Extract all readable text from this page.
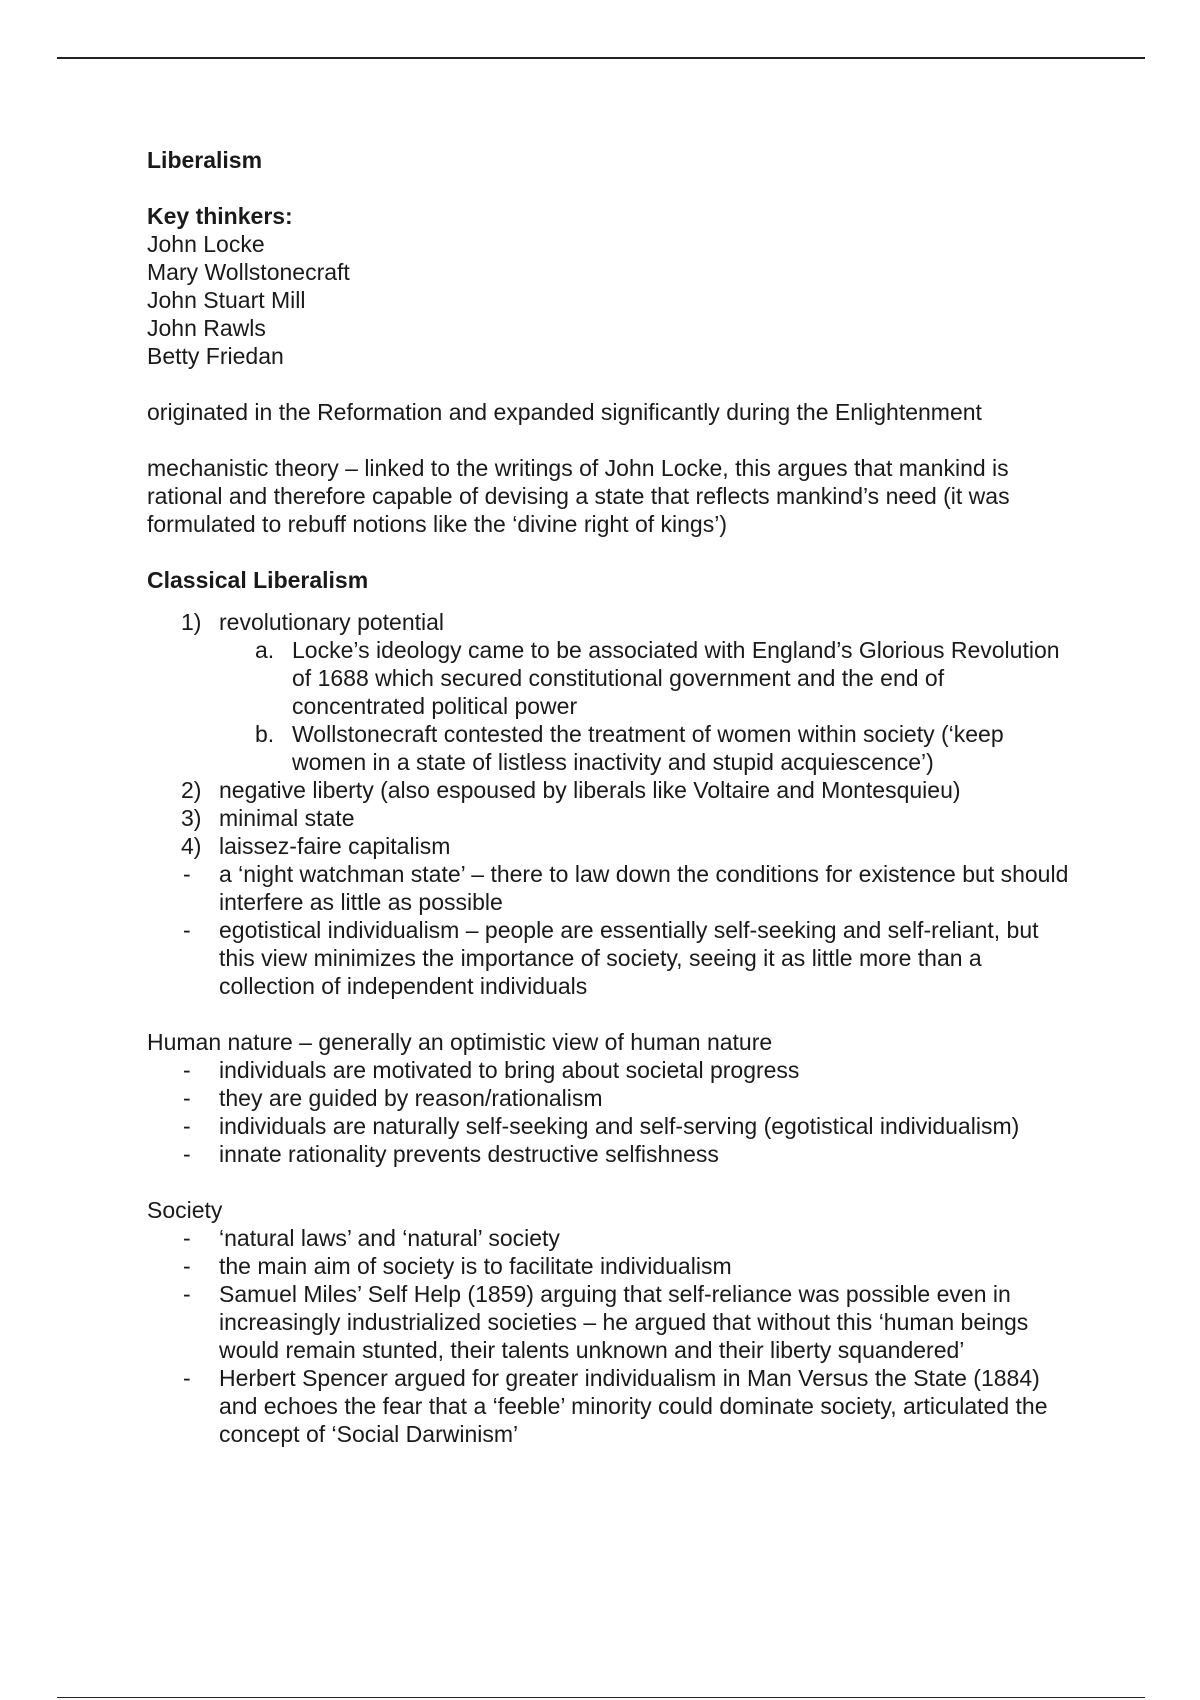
Liberalism
Key thinkers:
John Locke
Mary Wollstonecraft
John Stuart Mill
John Rawls
Betty Friedan
originated in the Reformation and expanded significantly during the Enlightenment
mechanistic theory – linked to the writings of John Locke, this argues that mankind is rational and therefore capable of devising a state that reflects mankind’s need (it was formulated to rebuff notions like the ‘divine right of kings’)
Classical Liberalism
1) revolutionary potential
a. Locke’s ideology came to be associated with England’s Glorious Revolution of 1688 which secured constitutional government and the end of concentrated political power
b. Wollstonecraft contested the treatment of women within society (‘keep women in a state of listless inactivity and stupid acquiescence’)
2) negative liberty (also espoused by liberals like Voltaire and Montesquieu)
3) minimal state
4) laissez-faire capitalism
- a ‘night watchman state’ – there to law down the conditions for existence but should interfere as little as possible
- egotistical individualism – people are essentially self-seeking and self-reliant, but this view minimizes the importance of society, seeing it as little more than a collection of independent individuals
Human nature – generally an optimistic view of human nature
- individuals are motivated to bring about societal progress
- they are guided by reason/rationalism
- individuals are naturally self-seeking and self-serving (egotistical individualism)
- innate rationality prevents destructive selfishness
Society
- ‘natural laws’ and ‘natural’ society
- the main aim of society is to facilitate individualism
- Samuel Miles’ Self Help (1859) arguing that self-reliance was possible even in increasingly industrialized societies – he argued that without this ‘human beings would remain stunted, their talents unknown and their liberty squandered’
- Herbert Spencer argued for greater individualism in Man Versus the State (1884) and echoes the fear that a ‘feeble’ minority could dominate society, articulated the concept of ‘Social Darwinism’
